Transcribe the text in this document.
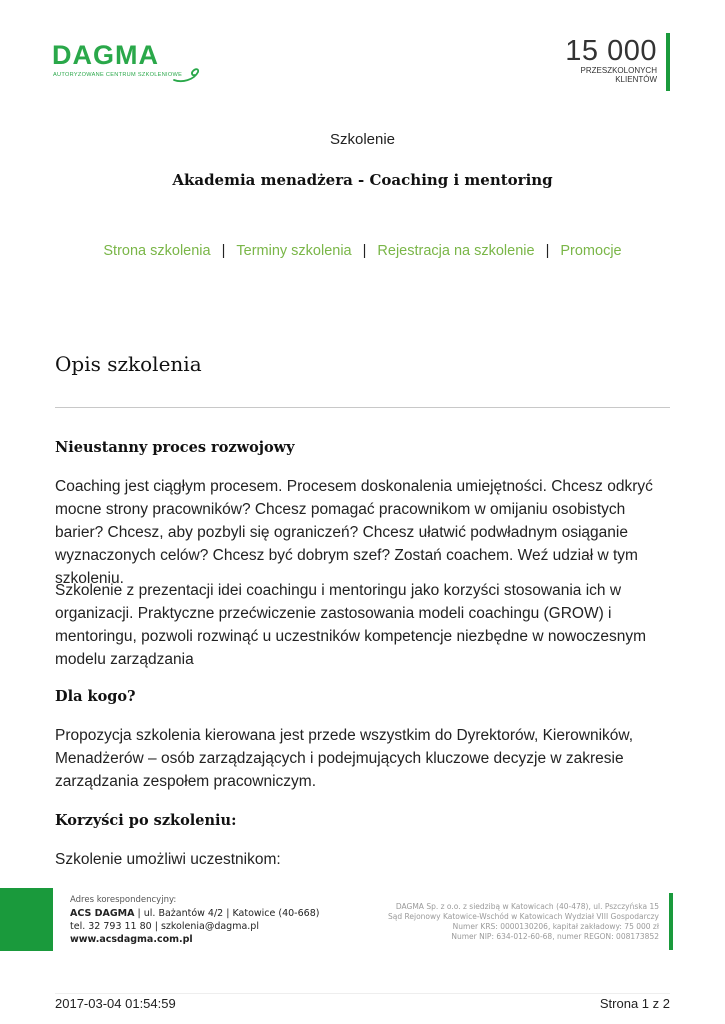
DAGMA
AUTORYZOWANE CENTRUM SZKOLENIOWE
15 000
PRZESZKOLONYCH
KLIENTÓW
Szkolenie
Akademia menadżera - Coaching i mentoring
Strona szkolenia | Terminy szkolenia | Rejestracja na szkolenie | Promocje
Opis szkolenia
Nieustanny proces rozwojowy
Coaching jest ciągłym procesem. Procesem doskonalenia umiejętności. Chcesz odkryć mocne strony pracowników? Chcesz pomagać pracownikom w omijaniu osobistych barier? Chcesz, aby pozbyli się ograniczeń? Chcesz ułatwić podwładnym osiąganie wyznaczonych celów? Chcesz być dobrym szef? Zostań coachem. Weź udział w tym szkoleniu.
Szkolenie z prezentacji idei coachingu i mentoringu jako korzyści stosowania ich w organizacji. Praktyczne przećwiczenie zastosowania modeli coachingu (GROW) i mentoringu, pozwoli rozwinąć u uczestników kompetencje niezbędne w nowoczesnym modelu zarządzania
Dla kogo?
Propozycja szkolenia kierowana jest przede wszystkim do Dyrektorów, Kierowników, Menadżerów – osób zarządzających i podejmujących kluczowe decyzje w zakresie zarządzania zespołem pracowniczym.
Korzyści po szkoleniu:
Szkolenie umożliwi uczestnikom:
Adres korespondencyjny:
ACS DAGMA | ul. Bażantów 4/2 | Katowice (40-668)
tel. 32 793 11 80 | szkolenia@dagma.pl
www.acsdagma.com.pl
DAGMA Sp. z o.o. z siedzibą w Katowicach (40-478), ul. Pszczyńska 15
Sąd Rejonowy Katowice-Wschód w Katowicach Wydział VIII Gospodarczy
Numer KRS: 0000130206, kapitał zakładowy: 75 000 zł
Numer NIP: 634-012-60-68, numer REGON: 008173852
2017-03-04 01:54:59	Strona 1 z 2
